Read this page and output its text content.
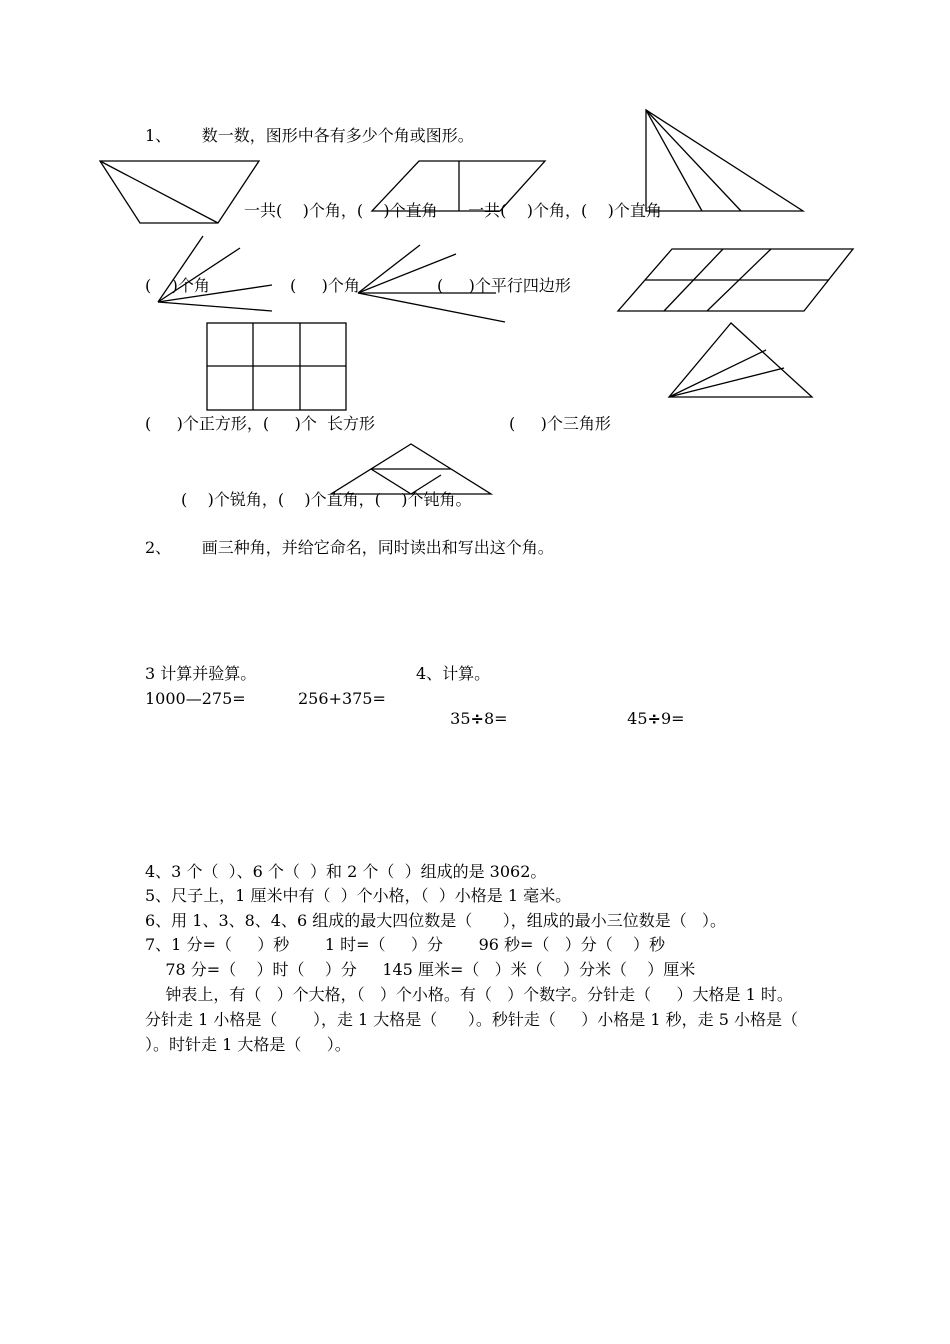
1、      数一数，图形中各有多少个角或图形。
一共(    )个角，(    )个直角      一共(    )个角，(    )个直角
(    )个角	(     )个角	(     )个平行四边形
(     )个正方形，(     )个  长方形	(     )个三角形
(    )个锐角，(    )个直角，(    )个钝角。
2、      画三种角，并给它命名，同时读出和写出这个角。
3 计算并验算。	4、计算。
1000—275=	256+375=

35÷8=	45÷9=

4、3 个（  ）、6 个（  ）和 2 个（  ）组成的是 3062。
5、尺子上，1 厘米中有（  ）个小格，（  ）小格是 1 毫米。
6、用 1、3、8、4、6 组成的最大四位数是（      ），组成的最小三位数是（   ）。
7、1 分=（     ）秒       1 时=（     ）分       96 秒=（   ）分（    ）秒
78 分=（    ）时（    ）分     145 厘米=（   ）米（    ）分米（    ）厘米
钟表上，有（   ）个大格，（   ）个小格。有（   ）个数字。分针走（     ）大格是 1 时。
分针走 1 小格是（       ），走 1 大格是（      ）。秒针走（     ）小格是 1 秒，走 5 小格是（
）。时针走 1 大格是（     ）。
